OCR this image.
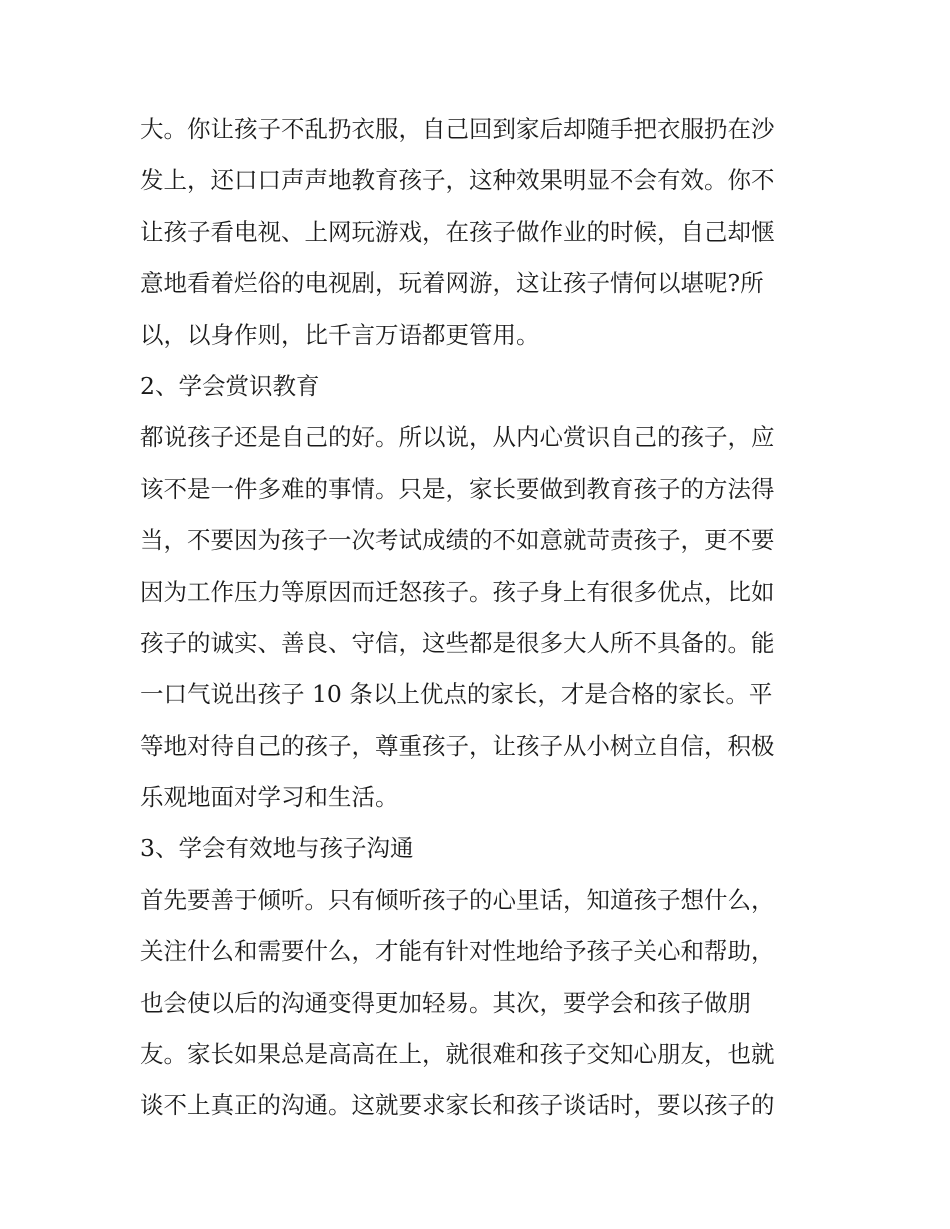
大。你让孩子不乱扔衣服，自己回到家后却随手把衣服扔在沙
发上，还口口声声地教育孩子，这种效果明显不会有效。你不
让孩子看电视、上网玩游戏，在孩子做作业的时候，自己却惬
意地看着烂俗的电视剧，玩着网游，这让孩子情何以堪呢?所
以，以身作则，比千言万语都更管用。
2、学会赏识教育
都说孩子还是自己的好。所以说，从内心赏识自己的孩子，应
该不是一件多难的事情。只是，家长要做到教育孩子的方法得
当，不要因为孩子一次考试成绩的不如意就苛责孩子，更不要
因为工作压力等原因而迁怒孩子。孩子身上有很多优点，比如
孩子的诚实、善良、守信，这些都是很多大人所不具备的。能
一口气说出孩子 10 条以上优点的家长，才是合格的家长。平
等地对待自己的孩子，尊重孩子，让孩子从小树立自信，积极
乐观地面对学习和生活。
3、学会有效地与孩子沟通
首先要善于倾听。只有倾听孩子的心里话，知道孩子想什么，
关注什么和需要什么，才能有针对性地给予孩子关心和帮助，
也会使以后的沟通变得更加轻易。其次，要学会和孩子做朋
友。家长如果总是高高在上，就很难和孩子交知心朋友，也就
谈不上真正的沟通。这就要求家长和孩子谈话时，要以孩子的
